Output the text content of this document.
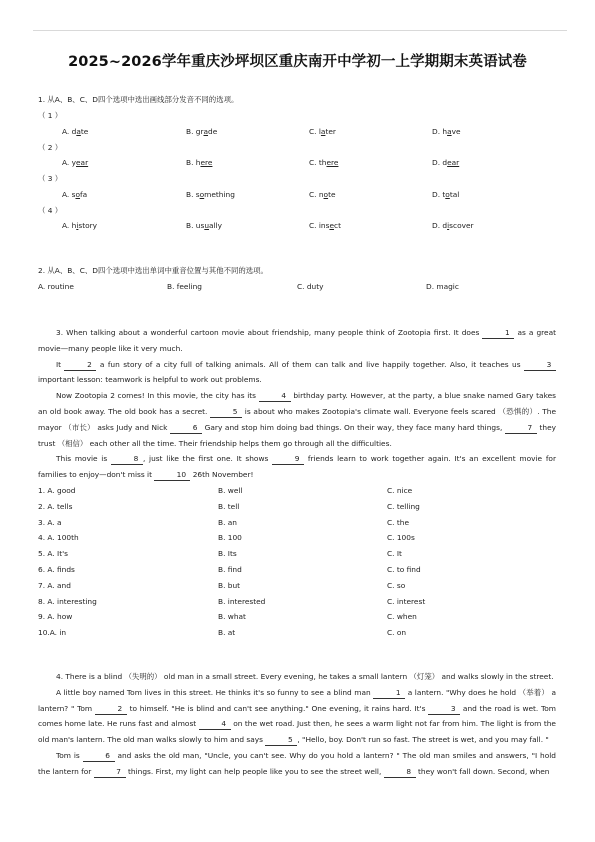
2025~2026学年重庆沙坪坝区重庆南开中学初一上学期期末英语试卷
1. 从A、B、C、D四个选项中选出画线部分发音不同的选项。
（ 1 ）
A. date	B. grade	C. later	D. have
（ 2 ）
A. year	B. here	C. there	D. dear
（ 3 ）
A. sofa	B. something	C. note	D. total
（ 4 ）
A. history	B. usually	C. insect	D. discover
2. 从A、B、C、D四个选项中选出单词中重音位置与其他不同的选项。
A. routine	B. feeling	C. duty	D. magic
3. When talking about a wonderful cartoon movie about friendship, many people think of Zootopia first. It does	1 as a great movie—many people like it very much.
It	2 a fun story of a city full of talking animals. All of them can talk and live happily together. Also, it teaches us	3 important lesson: teamwork is helpful to work out problems.
Now Zootopia 2 comes! In this movie, the city has its	4 birthday party. However, at the party, a blue snake named Gary takes an old book away. The old book has a secret.	5 is about who makes Zootopia's climate wall. Everyone feels scared （恐惧的）. The mayor （市长） asks Judy and Nick	6 Gary and stop him doing bad things. On their way, they face many hard things,	7 they trust （相信） each other all the time. Their friendship helps them go through all the difficulties.
This movie is	8 , just like the first one. It shows	9 friends learn to work together again. It's an excellent movie for families to enjoy—don't miss it	10 26th November!
1. A. good	B. well	C. nice
2. A. tells	B. tell	C. telling
3. A. a	B. an	C. the
4. A. 100th	B. 100	C. 100s
5. A. It's	B. Its	C. It
6. A. finds	B. find	C. to find
7. A. and	B. but	C. so
8. A. interesting	B. interested	C. interest
9. A. how	B. what	C. when
10.A. in	B. at	C. on
4. There is a blind （失明的） old man in a small street. Every evening, he takes a small lantern （灯笼） and walks slowly in the street.
A little boy named Tom lives in this street. He thinks it's so funny to see a blind man	1 a lantern. "Why does he hold （举着） a lantern? " Tom	2 to himself. "He is blind and can't see anything." One evening, it rains hard. It's	3 and the road is wet. Tom comes home late. He runs fast and almost	4 on the wet road. Just then, he sees a warm light not far from him. The light is from the old man's lantern. The old man walks slowly to him and says	5 , "Hello, boy. Don't run so fast. The street is wet, and you may fall. "
Tom is	6 and asks the old man, "Uncle, you can't see. Why do you hold a lantern? " The old man smiles and answers, "I hold the lantern for	7 things. First, my light can help people like you to see the street well,	8 they won't fall down. Second, when
